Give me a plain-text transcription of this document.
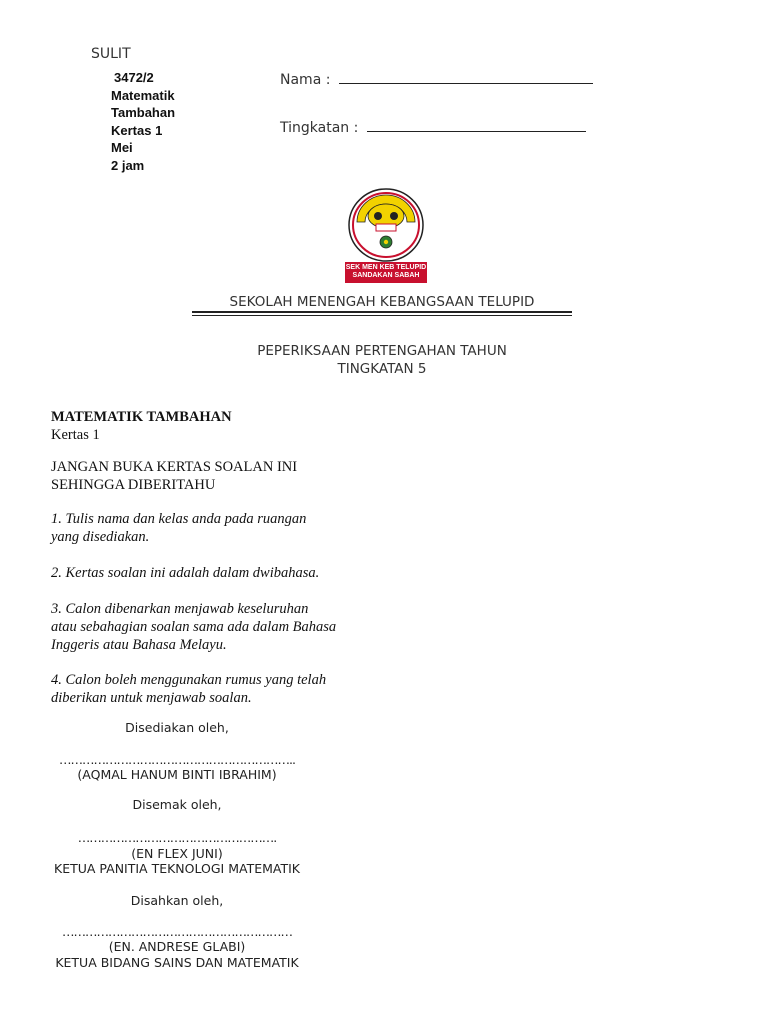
SULIT
3472/2
Matematik
Tambahan
Kertas 1
Mei
2 jam
Nama :
Tingkatan :
SEK MEN KEB TELUPID
SANDAKAN SABAH
SEKOLAH MENENGAH KEBANGSAAN TELUPID
PEPERIKSAAN PERTENGAHAN TAHUN
TINGKATAN 5
MATEMATIK TAMBAHAN
Kertas 1
JANGAN BUKA KERTAS SOALAN INI
SEHINGGA DIBERITAHU
1. Tulis nama dan kelas anda pada ruangan
yang disediakan.
2. Kertas soalan ini adalah dalam dwibahasa.
3. Calon dibenarkan menjawab keseluruhan
atau sebahagian soalan sama ada dalam Bahasa
Inggeris atau Bahasa Melayu.
4. Calon boleh menggunakan rumus yang telah
diberikan untuk menjawab soalan.
Disediakan oleh,
……………………………………………………..
(AQMAL HANUM BINTI IBRAHIM)
Disemak oleh,
…………………………………………….
(EN FLEX JUNI)
KETUA PANITIA TEKNOLOGI MATEMATIK
Disahkan oleh,
……………………………………………………
(EN. ANDRESE GLABI)
KETUA BIDANG SAINS DAN MATEMATIK
